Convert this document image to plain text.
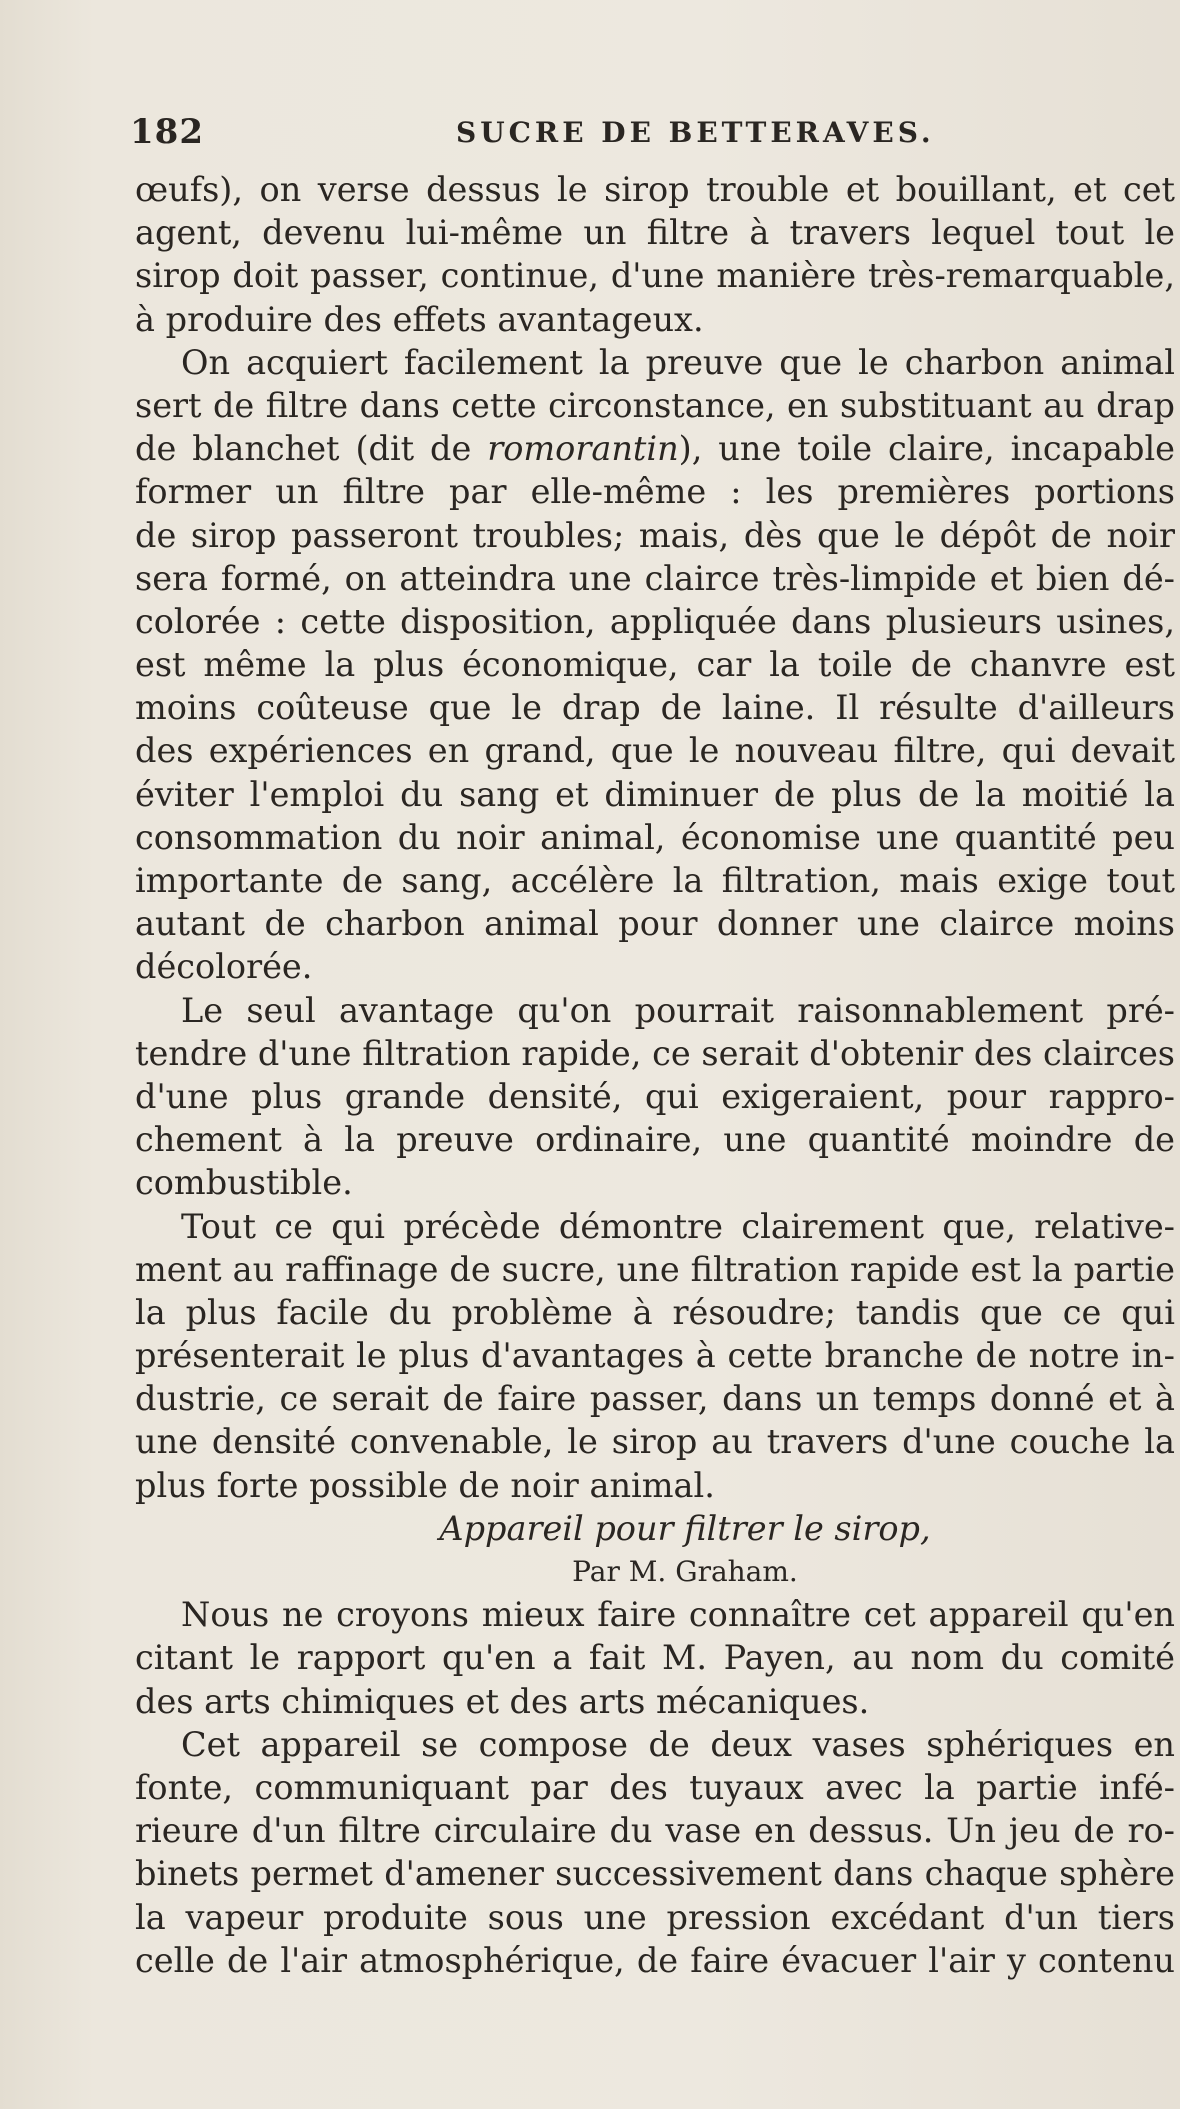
182	SUCRE DE BETTERAVES.
œufs), on verse dessus le sirop trouble et bouillant, et cet
agent, devenu lui-même un filtre à travers lequel tout le
sirop doit passer, continue, d'une manière très-remarquable,
à produire des effets avantageux.
On acquiert facilement la preuve que le charbon animal
sert de filtre dans cette circonstance, en substituant au drap
de blanchet (dit de romorantin), une toile claire, incapable
former un filtre par elle-même : les premières portions
de sirop passeront troubles; mais, dès que le dépôt de noir
sera formé, on atteindra une clairce très-limpide et bien dé-
colorée : cette disposition, appliquée dans plusieurs usines,
est même la plus économique, car la toile de chanvre est
moins coûteuse que le drap de laine. Il résulte d'ailleurs
des expériences en grand, que le nouveau filtre, qui devait
éviter l'emploi du sang et diminuer de plus de la moitié la
consommation du noir animal, économise une quantité peu
importante de sang, accélère la filtration, mais exige tout
autant de charbon animal pour donner une clairce moins
décolorée.
Le seul avantage qu'on pourrait raisonnablement pré-
tendre d'une filtration rapide, ce serait d'obtenir des clairces
d'une plus grande densité, qui exigeraient, pour rappro-
chement à la preuve ordinaire, une quantité moindre de
combustible.
Tout ce qui précède démontre clairement que, relative-
ment au raffinage de sucre, une filtration rapide est la partie
la plus facile du problème à résoudre; tandis que ce qui
présenterait le plus d'avantages à cette branche de notre in-
dustrie, ce serait de faire passer, dans un temps donné et à
une densité convenable, le sirop au travers d'une couche la
plus forte possible de noir animal.
Appareil pour filtrer le sirop,
Par M. Graham.
Nous ne croyons mieux faire connaître cet appareil qu'en
citant le rapport qu'en a fait M. Payen, au nom du comité
des arts chimiques et des arts mécaniques.
Cet appareil se compose de deux vases sphériques en
fonte, communiquant par des tuyaux avec la partie infé-
rieure d'un filtre circulaire du vase en dessus. Un jeu de ro-
binets permet d'amener successivement dans chaque sphère
la vapeur produite sous une pression excédant d'un tiers
celle de l'air atmosphérique, de faire évacuer l'air y contenu
